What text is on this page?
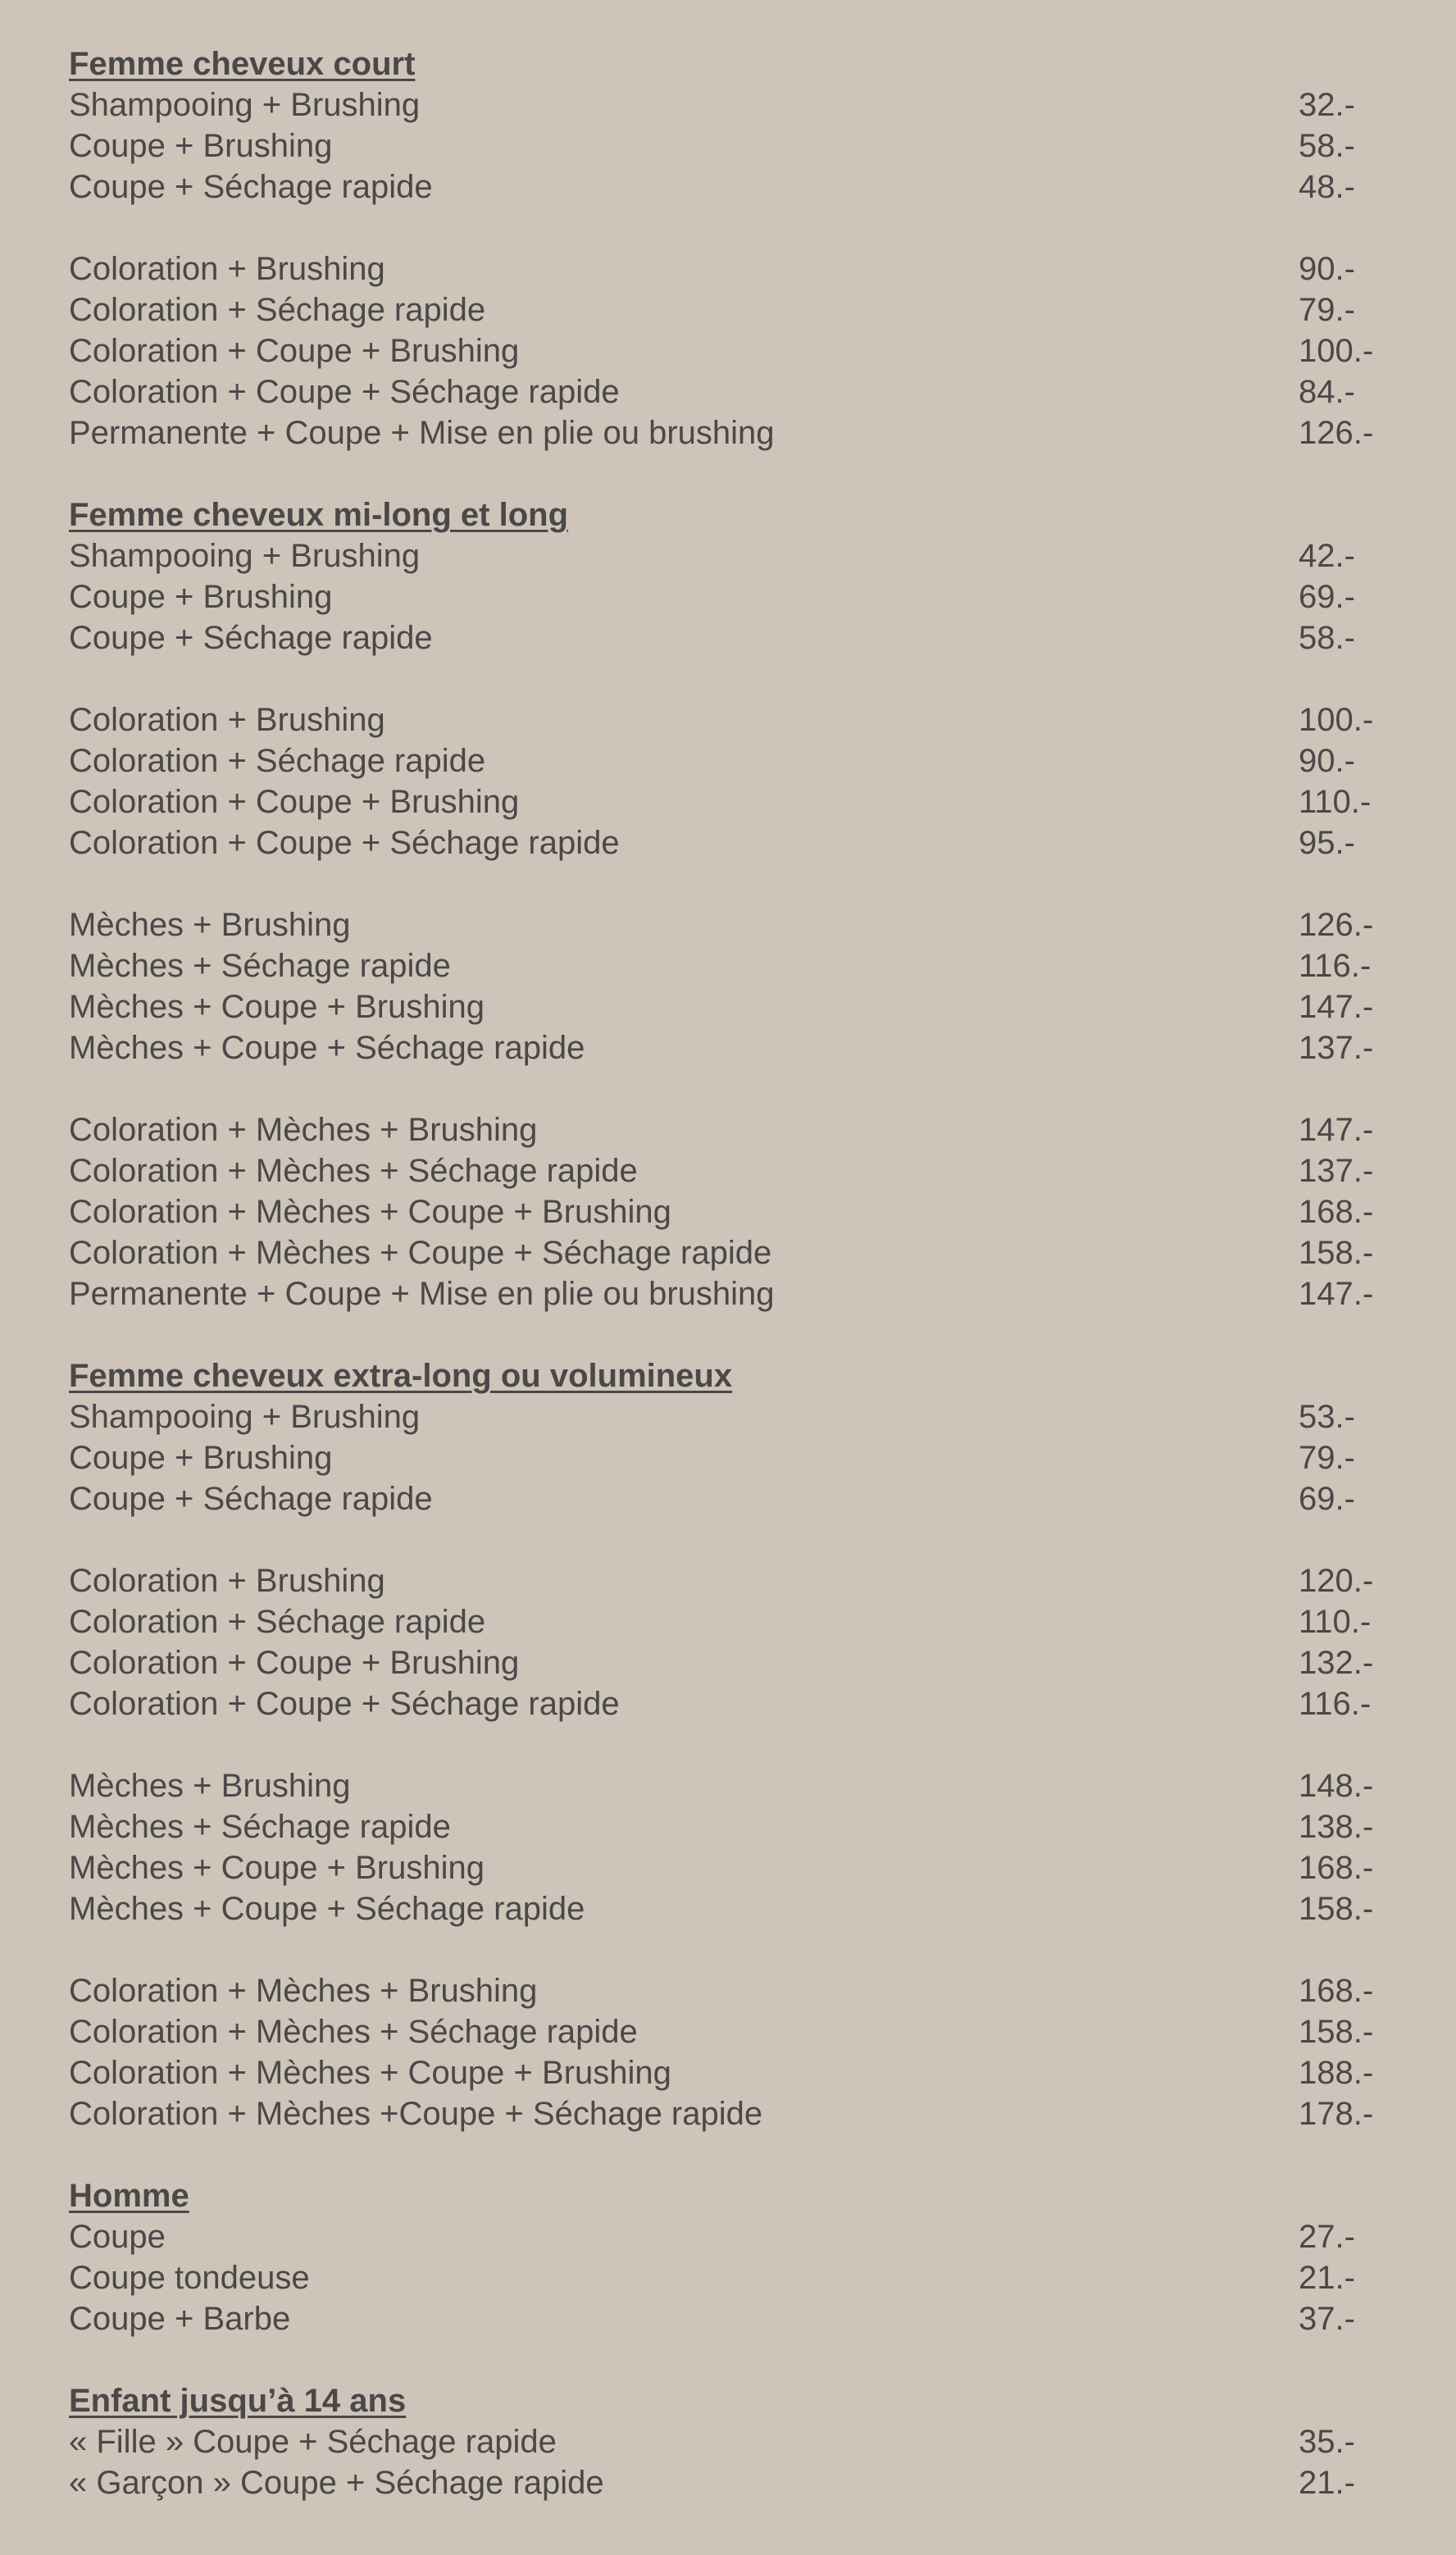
Femme cheveux court
Shampooing + Brushing	32.-
Coupe + Brushing	58.-
Coupe + Séchage rapide	48.-
Coloration + Brushing	90.-
Coloration + Séchage rapide	79.-
Coloration + Coupe + Brushing	100.-
Coloration + Coupe + Séchage rapide	84.-
Permanente + Coupe + Mise en plie ou brushing	126.-
Femme cheveux mi-long et long
Shampooing + Brushing	42.-
Coupe + Brushing	69.-
Coupe + Séchage rapide	58.-
Coloration + Brushing	100.-
Coloration + Séchage rapide	90.-
Coloration + Coupe + Brushing	110.-
Coloration + Coupe + Séchage rapide	95.-
Mèches + Brushing	126.-
Mèches + Séchage rapide	116.-
Mèches + Coupe + Brushing	147.-
Mèches + Coupe + Séchage rapide	137.-
Coloration + Mèches + Brushing	147.-
Coloration + Mèches + Séchage rapide	137.-
Coloration + Mèches + Coupe + Brushing	168.-
Coloration + Mèches + Coupe + Séchage rapide	158.-
Permanente + Coupe + Mise en plie ou brushing	147.-
Femme cheveux extra-long ou volumineux
Shampooing + Brushing	53.-
Coupe + Brushing	79.-
Coupe + Séchage rapide	69.-
Coloration + Brushing	120.-
Coloration + Séchage rapide	110.-
Coloration + Coupe + Brushing	132.-
Coloration + Coupe + Séchage rapide	116.-
Mèches + Brushing	148.-
Mèches + Séchage rapide	138.-
Mèches + Coupe + Brushing	168.-
Mèches + Coupe + Séchage rapide	158.-
Coloration + Mèches + Brushing	168.-
Coloration + Mèches + Séchage rapide	158.-
Coloration + Mèches + Coupe + Brushing	188.-
Coloration + Mèches +Coupe + Séchage rapide	178.-
Homme
Coupe	27.-
Coupe tondeuse	21.-
Coupe + Barbe	37.-
Enfant jusqu’à 14 ans
« Fille » Coupe + Séchage rapide	35.-
« Garçon » Coupe + Séchage rapide	21.-
